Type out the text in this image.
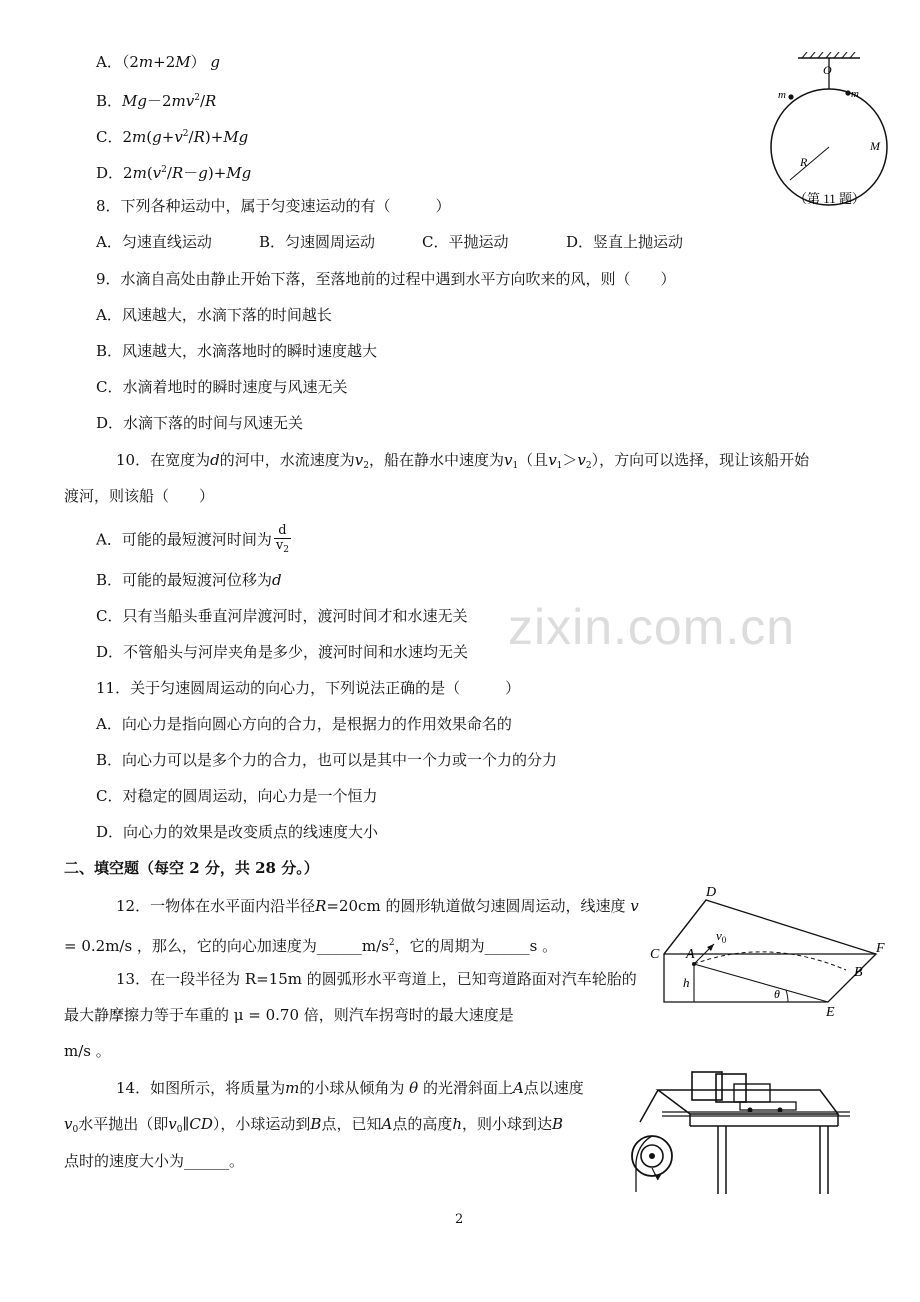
A．（2m+2M） g
B．$Mg-2mv^2/R$
C．$2m(g+v^2/R)+Mg$
D．$2m(v^2/R-g)+Mg$
O
m	m
M
R
（第 11 题）
8．下列各种运动中，属于匀变速运动的有（　　　）
A．匀速直线运动	B．匀速圆周运动	C．平抛运动	D．竖直上抛运动
9．水滴自高处由静止开始下落，至落地前的过程中遇到水平方向吹来的风，则（　　）
A．风速越大，水滴下落的时间越长
B．风速越大，水滴落地时的瞬时速度越大
C．水滴着地时的瞬时速度与风速无关
D．水滴下落的时间与风速无关
10．在宽度为d的河中，水流速度为$v_2$，船在静水中速度为$v_1$（且$v_1>v_2$），方向可以选择，现让该船开始
渡河，则该船（　　）
A．可能的最短渡河时间为 $\frac{d}{v_2}$
B．可能的最短渡河位移为d
C．只有当船头垂直河岸渡河时，渡河时间才和水速无关
D．不管船头与河岸夹角是多少，渡河时间和水速均无关 zixin.com.cn
11．关于匀速圆周运动的向心力，下列说法正确的是（　　　）
A．向心力是指向圆心方向的合力，是根据力的作用效果命名的
B．向心力可以是多个力的合力，也可以是其中一个力或一个力的分力
C．对稳定的圆周运动，向心力是一个恒力
D．向心力的效果是改变质点的线速度大小
二、填空题（每空 2 分，共 28 分。）
12．一物体在水平面内沿半径R=20cm 的圆形轨道做匀速圆周运动，线速度 v
= 0.2m/s ，那么，它的向心加速度为$\_\_\_\_\_\_m/s^2$，它的周期为______s 。
D
C A
$v_0$
h
θ
F
B
E
13．在一段半径为 R=15m 的圆弧形水平弯道上，已知弯道路面对汽车轮胎的
最大静摩擦力等于车重的 μ = 0.70 倍，则汽车拐弯时的最大速度是
m/s 。
14．如图所示，将质量为m的小球从倾角为 θ 的光滑斜面上A点以速度
$v_0$水平抛出（即$v_0\parallel CD$），小球运动到B点，已知A点的高度h，则小球到达B
点时的速度大小为______。
2
